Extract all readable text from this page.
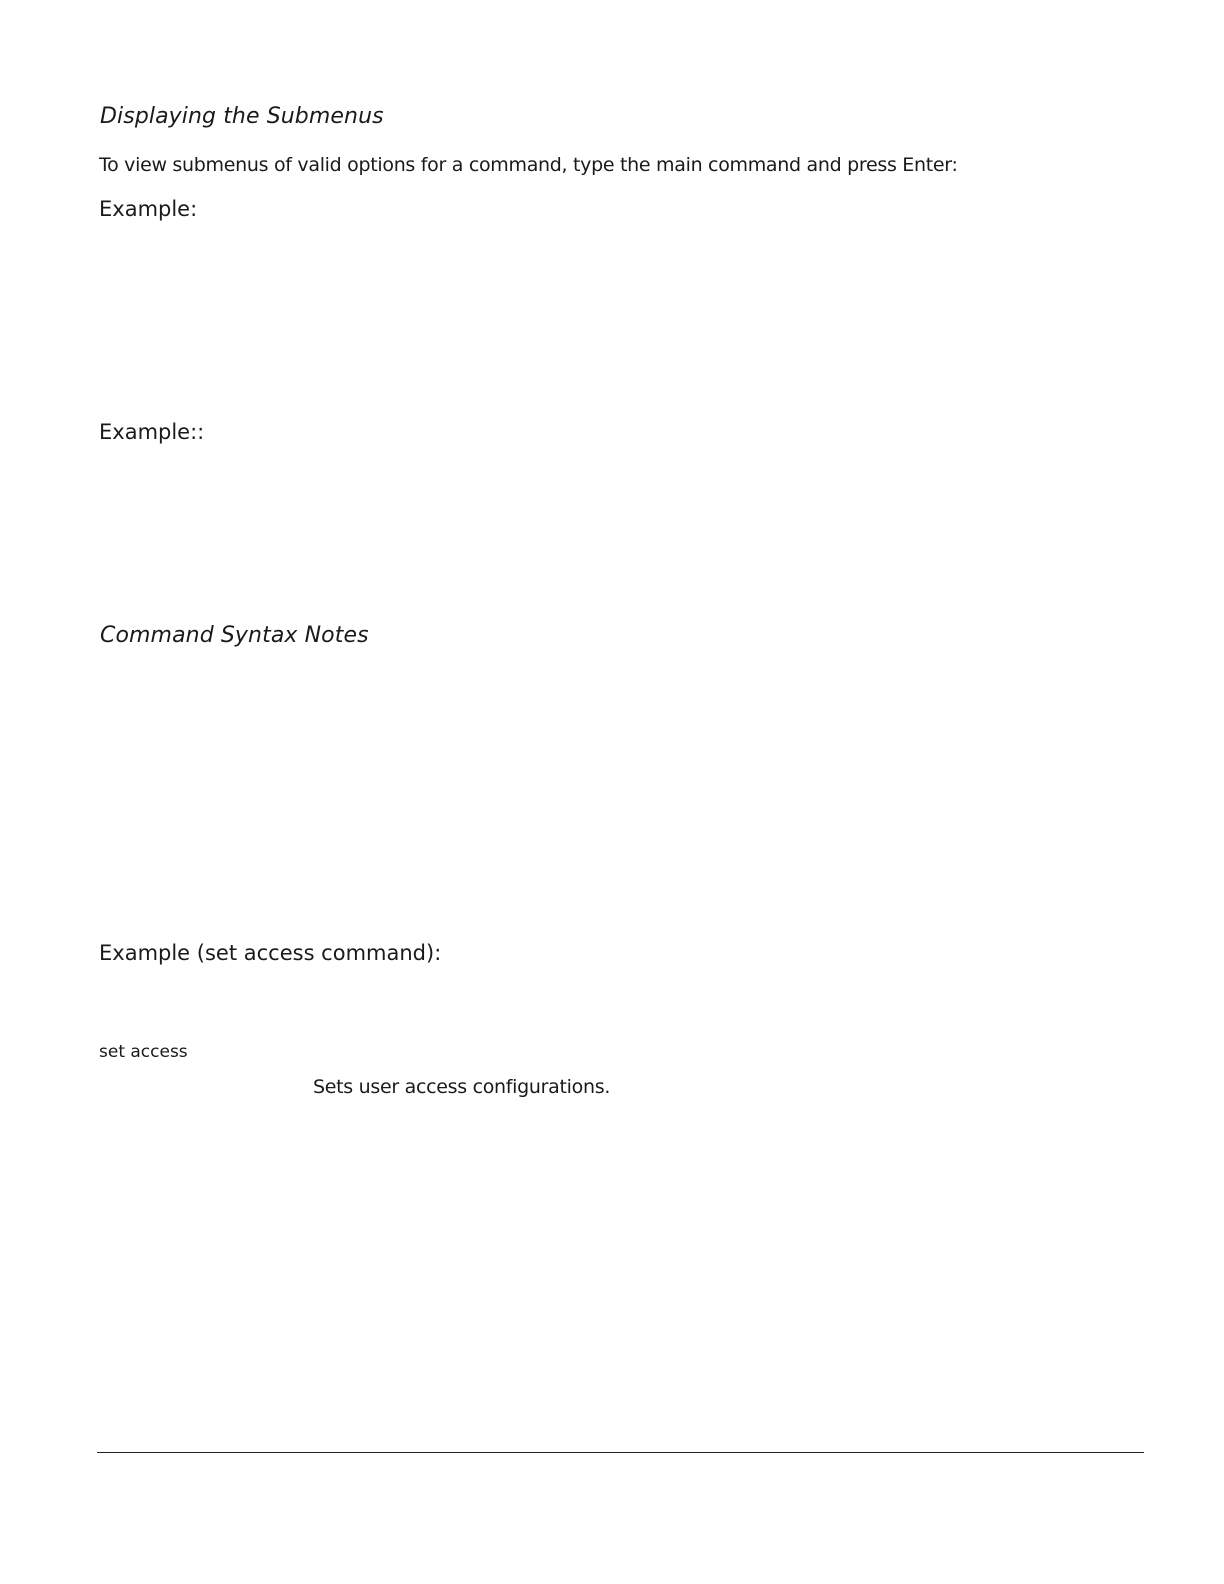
Displaying the Submenus

To view submenus of valid options for a command, type the main command and press Enter:

Example:

Example::

Command Syntax Notes

Example (set access command):

set access

Sets user access configurations.
